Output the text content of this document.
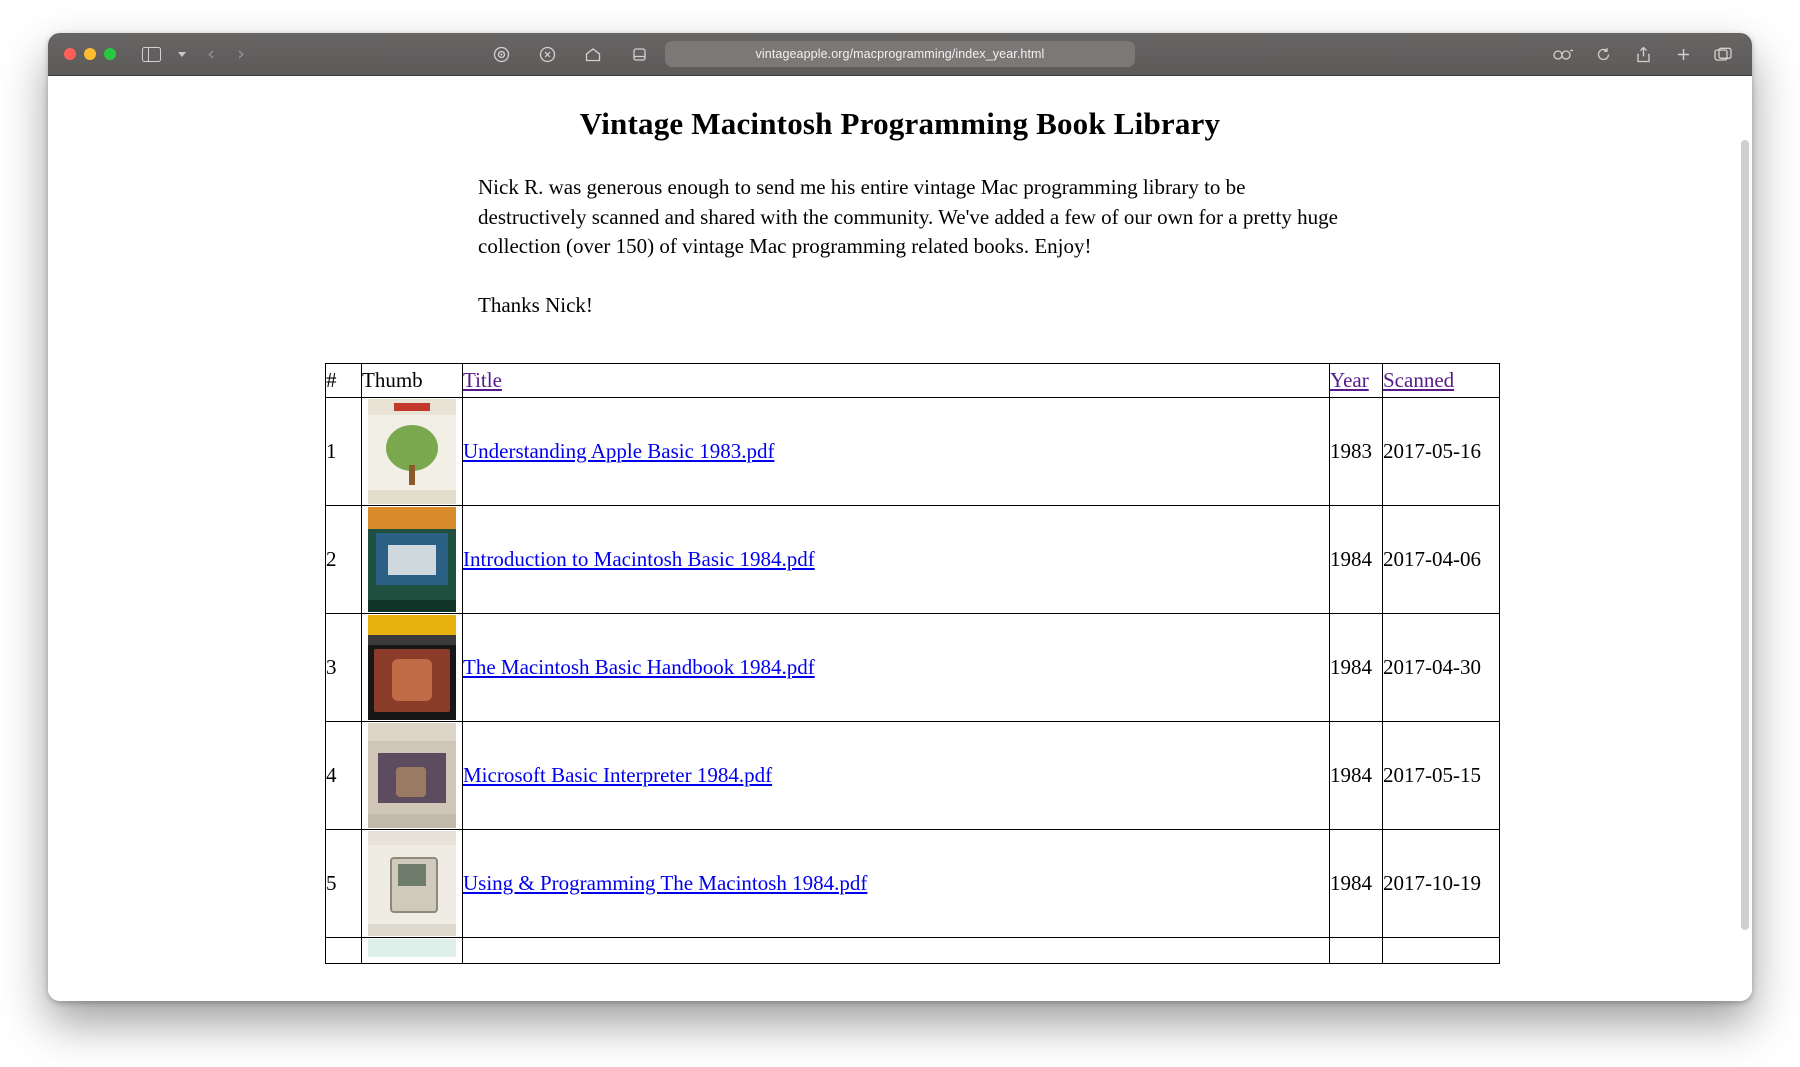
‹ ›	vintageapple.org/macprogramming/index_year.html
Vintage Macintosh Programming Book Library

Nick R. was generous enough to send me his entire vintage Mac programming library to be destructively scanned and shared with the community. We've added a few of our own for a pretty huge collection (over 150) of vintage Mac programming related books. Enjoy!

Thanks Nick!

#	Thumb	Title	Year	Scanned
1		Understanding Apple Basic 1983.pdf	1983	2017-05-16
2		Introduction to Macintosh Basic 1984.pdf	1984	2017-04-06
3		The Macintosh Basic Handbook 1984.pdf	1984	2017-04-30
4		Microsoft Basic Interpreter 1984.pdf	1984	2017-05-15
5		Using & Programming The Macintosh 1984.pdf	1984	2017-10-19
